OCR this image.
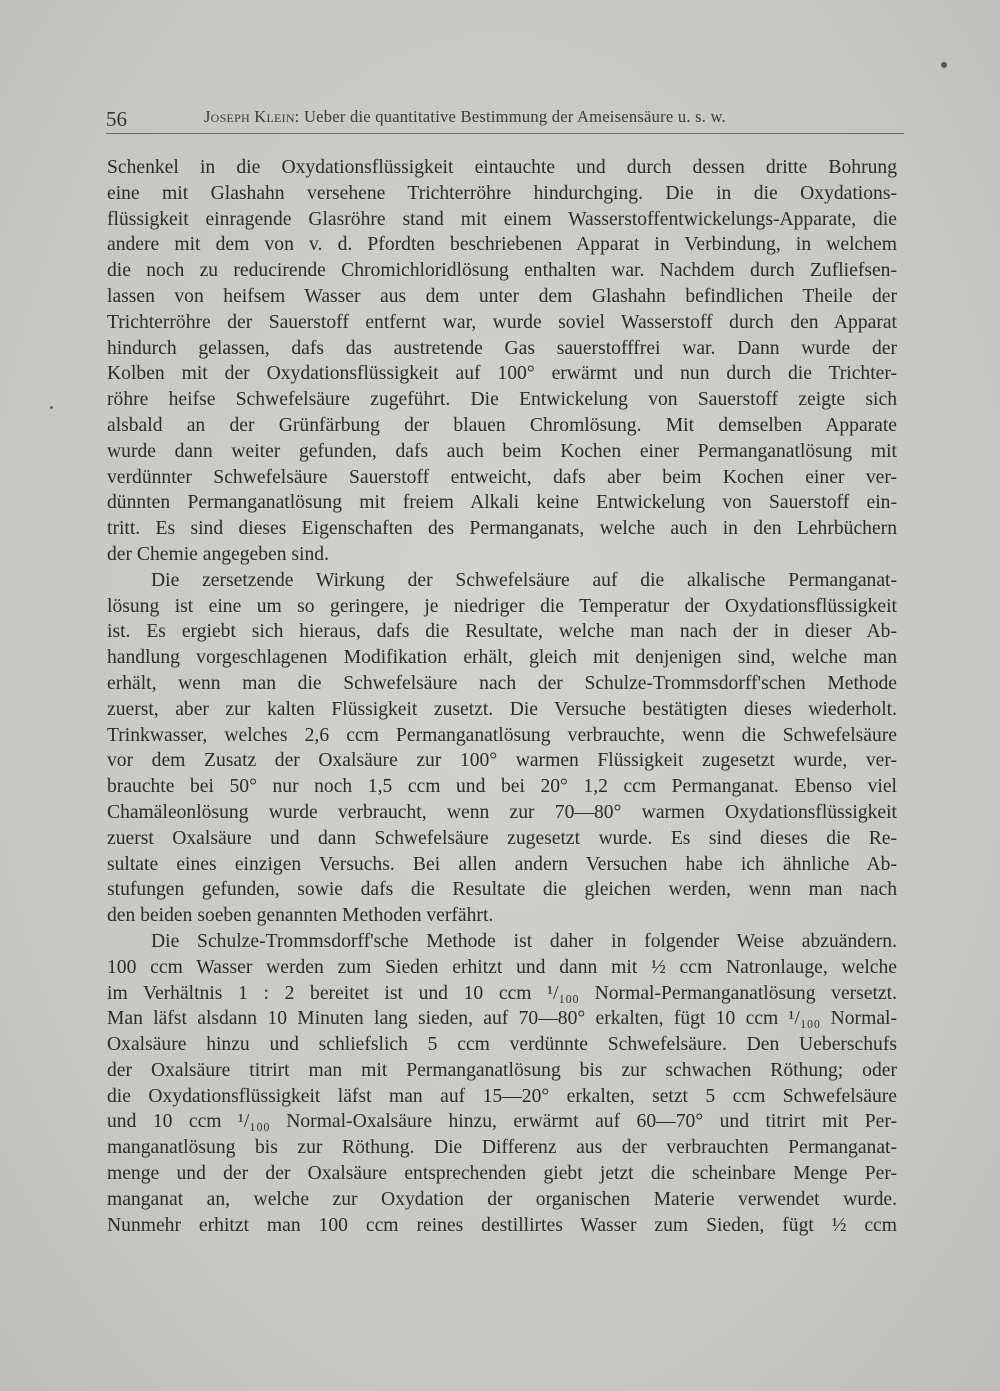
56	Joseph Klein: Ueber die quantitative Bestimmung der Ameisensäure u. s. w.
Schenkel in die Oxydationsflüssigkeit eintauchte und durch dessen dritte Bohrung
eine mit Glashahn versehene Trichterröhre hindurchging. Die in die Oxydations-
flüssigkeit einragende Glasröhre stand mit einem Wasserstoffentwickelungs-Apparate, die
andere mit dem von v. d. Pfordten beschriebenen Apparat in Verbindung, in welchem
die noch zu reducirende Chromichloridlösung enthalten war. Nachdem durch Zufliefsen-
lassen von heifsem Wasser aus dem unter dem Glashahn befindlichen Theile der
Trichterröhre der Sauerstoff entfernt war, wurde soviel Wasserstoff durch den Apparat
hindurch gelassen, dafs das austretende Gas sauerstofffrei war. Dann wurde der
Kolben mit der Oxydationsflüssigkeit auf 100° erwärmt und nun durch die Trichter-
röhre heifse Schwefelsäure zugeführt. Die Entwickelung von Sauerstoff zeigte sich
alsbald an der Grünfärbung der blauen Chromlösung. Mit demselben Apparate
wurde dann weiter gefunden, dafs auch beim Kochen einer Permanganatlösung mit
verdünnter Schwefelsäure Sauerstoff entweicht, dafs aber beim Kochen einer ver-
dünnten Permanganatlösung mit freiem Alkali keine Entwickelung von Sauerstoff ein-
tritt. Es sind dieses Eigenschaften des Permanganats, welche auch in den Lehrbüchern
der Chemie angegeben sind.
Die zersetzende Wirkung der Schwefelsäure auf die alkalische Permanganat-
lösung ist eine um so geringere, je niedriger die Temperatur der Oxydationsflüssigkeit
ist. Es ergiebt sich hieraus, dafs die Resultate, welche man nach der in dieser Ab-
handlung vorgeschlagenen Modifikation erhält, gleich mit denjenigen sind, welche man
erhält, wenn man die Schwefelsäure nach der Schulze-Trommsdorff'schen Methode
zuerst, aber zur kalten Flüssigkeit zusetzt. Die Versuche bestätigten dieses wiederholt.
Trinkwasser, welches 2,6 ccm Permanganatlösung verbrauchte, wenn die Schwefelsäure
vor dem Zusatz der Oxalsäure zur 100° warmen Flüssigkeit zugesetzt wurde, ver-
brauchte bei 50° nur noch 1,5 ccm und bei 20° 1,2 ccm Permanganat. Ebenso viel
Chamäleonlösung wurde verbraucht, wenn zur 70—80° warmen Oxydationsflüssigkeit
zuerst Oxalsäure und dann Schwefelsäure zugesetzt wurde. Es sind dieses die Re-
sultate eines einzigen Versuchs. Bei allen andern Versuchen habe ich ähnliche Ab-
stufungen gefunden, sowie dafs die Resultate die gleichen werden, wenn man nach
den beiden soeben genannten Methoden verfährt.
Die Schulze-Trommsdorff'sche Methode ist daher in folgender Weise abzuändern.
100 ccm Wasser werden zum Sieden erhitzt und dann mit ½ ccm Natronlauge, welche
im Verhältnis 1 : 2 bereitet ist und 10 ccm ¹/₁₀₀ Normal-Permanganatlösung versetzt.
Man läfst alsdann 10 Minuten lang sieden, auf 70—80° erkalten, fügt 10 ccm ¹/₁₀₀ Normal-
Oxalsäure hinzu und schliefslich 5 ccm verdünnte Schwefelsäure. Den Ueberschufs
der Oxalsäure titrirt man mit Permanganatlösung bis zur schwachen Röthung; oder
die Oxydationsflüssigkeit läfst man auf 15—20° erkalten, setzt 5 ccm Schwefelsäure
und 10 ccm ¹/₁₀₀ Normal-Oxalsäure hinzu, erwärmt auf 60—70° und titrirt mit Per-
manganatlösung bis zur Röthung. Die Differenz aus der verbrauchten Permanganat-
menge und der der Oxalsäure entsprechenden giebt jetzt die scheinbare Menge Per-
manganat an, welche zur Oxydation der organischen Materie verwendet wurde.
Nunmehr erhitzt man 100 ccm reines destillirtes Wasser zum Sieden, fügt ½ ccm
